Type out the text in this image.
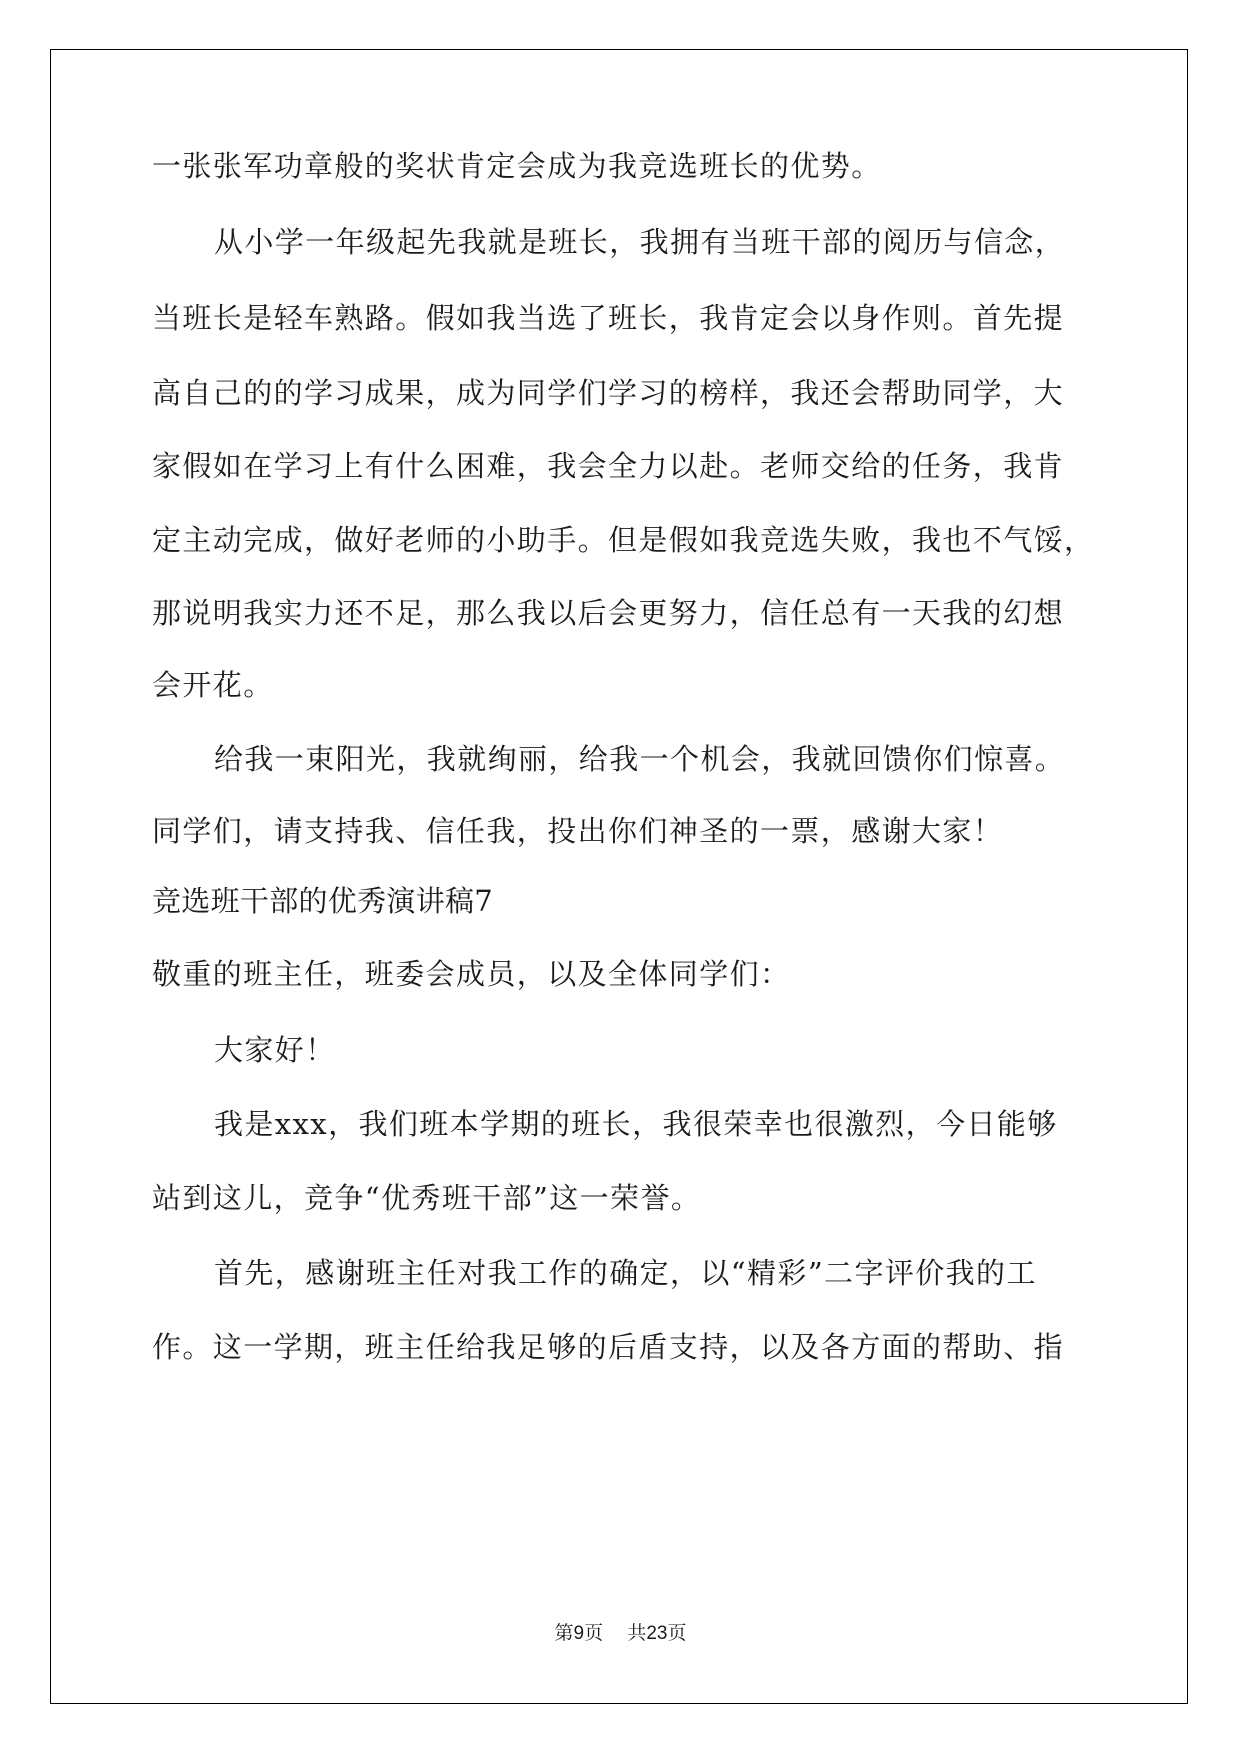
一张张军功章般的奖状肯定会成为我竞选班长的优势。
从小学一年级起先我就是班长，我拥有当班干部的阅历与信念，
当班长是轻车熟路。假如我当选了班长，我肯定会以身作则。首先提
高自己的的学习成果，成为同学们学习的榜样，我还会帮助同学，大
家假如在学习上有什么困难，我会全力以赴。老师交给的任务，我肯
定主动完成，做好老师的小助手。但是假如我竞选失败，我也不气馁，
那说明我实力还不足，那么我以后会更努力，信任总有一天我的幻想
会开花。
给我一束阳光，我就绚丽，给我一个机会，我就回馈你们惊喜。
同学们，请支持我、信任我，投出你们神圣的一票，感谢大家！
竞选班干部的优秀演讲稿7
敬重的班主任，班委会成员，以及全体同学们：
大家好！
我是xxx，我们班本学期的班长，我很荣幸也很激烈，今日能够
站到这儿，竞争“优秀班干部”这一荣誉。
首先，感谢班主任对我工作的确定，以“精彩”二字评价我的工
作。这一学期，班主任给我足够的后盾支持，以及各方面的帮助、指
第9页 共23页
